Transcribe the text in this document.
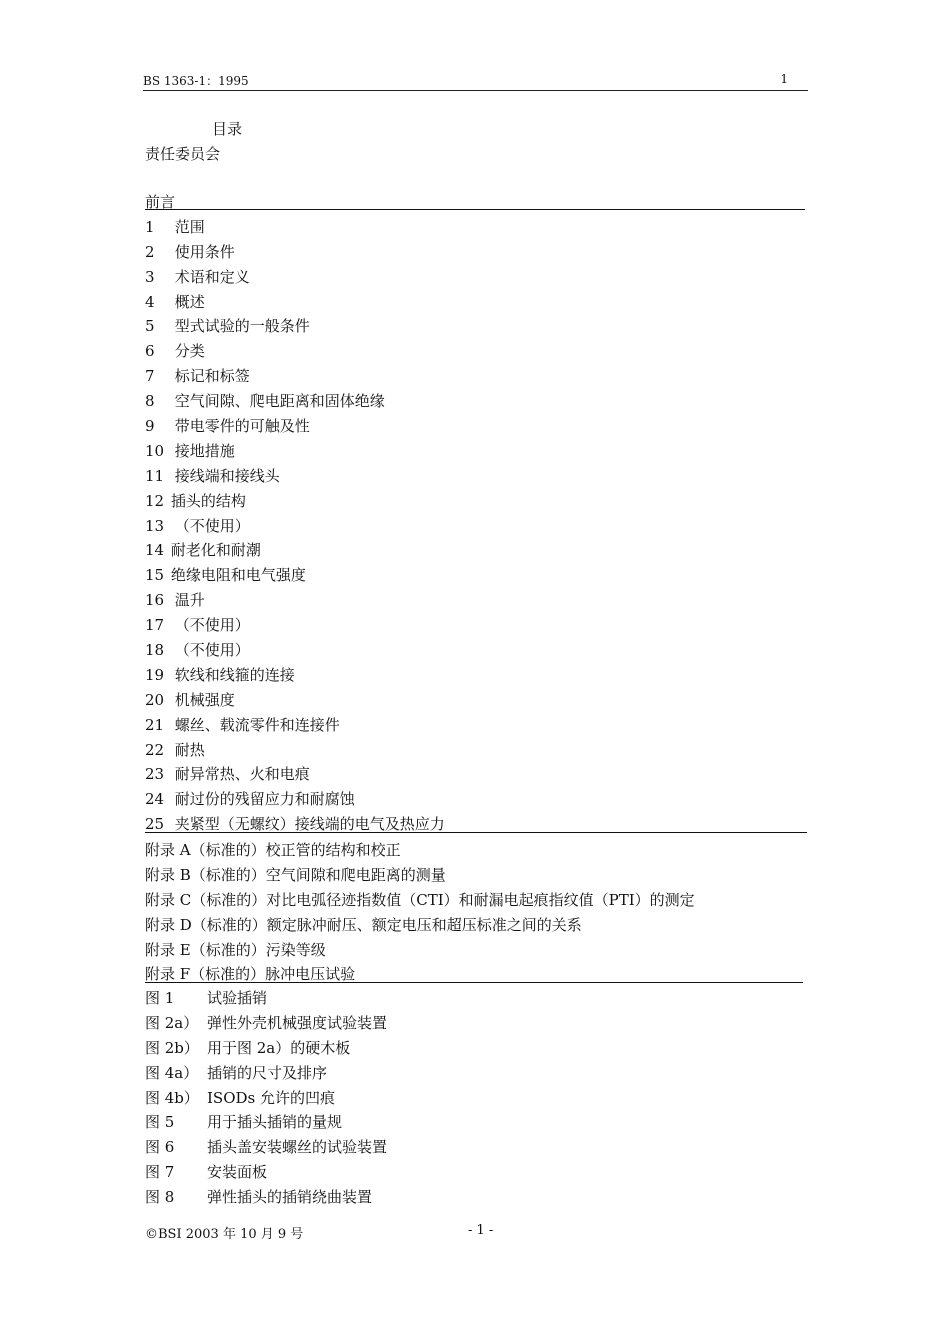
BS 1363-1：1995	1
目录
责任委员会
前言
1 范围
2 使用条件
3 术语和定义
4 概述
5 型式试验的一般条件
6 分类
7 标记和标签
8 空气间隙、爬电距离和固体绝缘
9 带电零件的可触及性
10 接地措施
11 接线端和接线头
12 插头的结构
13 （不使用）
14 耐老化和耐潮
15 绝缘电阻和电气强度
16 温升
17 （不使用）
18 （不使用）
19 软线和线箍的连接
20 机械强度
21 螺丝、载流零件和连接件
22 耐热
23 耐异常热、火和电痕
24 耐过份的残留应力和耐腐蚀
25 夹紧型（无螺纹）接线端的电气及热应力
附录 A（标准的）校正管的结构和校正
附录 B（标准的）空气间隙和爬电距离的测量
附录 C（标准的）对比电弧径迹指数值（CTI）和耐漏电起痕指纹值（PTI）的测定
附录 D（标准的）额定脉冲耐压、额定电压和超压标准之间的关系
附录 E（标准的）污染等级
附录 F（标准的）脉冲电压试验
图 1 试验插销
图 2a） 弹性外壳机械强度试验装置
图 2b） 用于图 2a）的硬木板
图 4a） 插销的尺寸及排序
图 4b） ISODs 允许的凹痕
图 5 用于插头插销的量规
图 6 插头盖安装螺丝的试验装置
图 7 安装面板
图 8 弹性插头的插销绕曲装置
©BSI 2003 年 10 月 9 号	- 1 -
